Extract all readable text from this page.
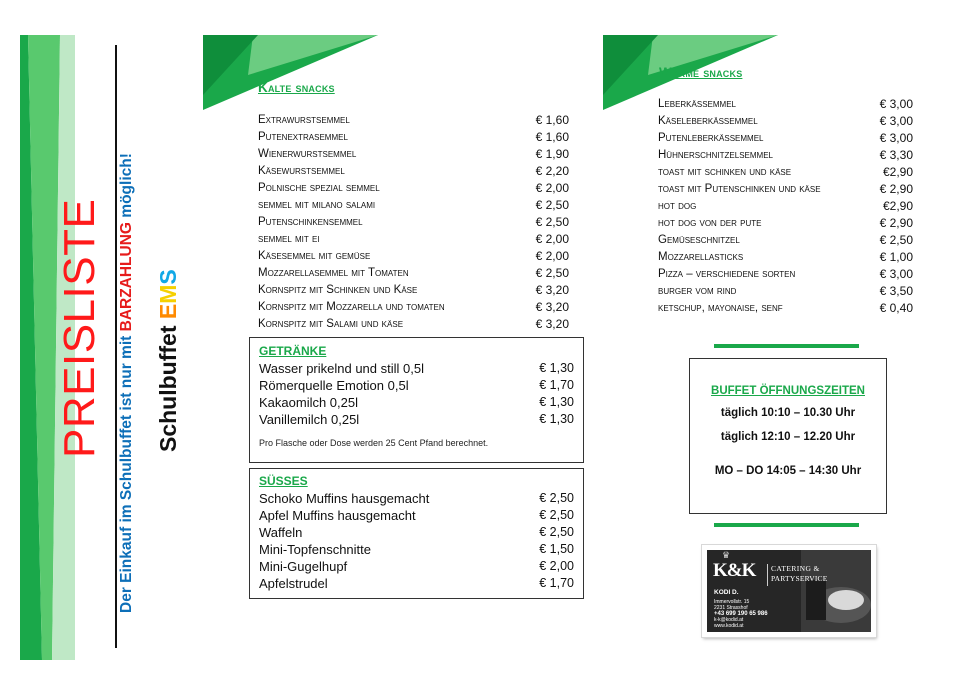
PREISLISTE
Der Einkauf im Schulbuffet ist nur mit BARZAHLUNG möglich!
Schulbuffet EMS
Kalte snacks
Extrawurstsemmel	€ 1,60
Putenextrasemmel	€ 1,60
Wienerwurstsemmel	€ 1,90
Käsewurstsemmel	€ 2,20
Polnische spezial semmel	€ 2,00
semmel mit milano salami	€ 2,50
Putenschinkensemmel	€ 2,50
semmel mit ei	€ 2,00
Käsesemmel mit gemüse	€ 2,00
Mozzarellasemmel mit Tomaten	€ 2,50
Kornspitz mit Schinken und Käse	€ 3,20
Kornspitz mit Mozzarella und tomaten	€ 3,20
Kornspitz mit Salami und käse	€ 3,20
GETRÄNKE
Wasser prikelnd und still 0,5l	€ 1,30
Römerquelle Emotion 0,5l	€ 1,70
Kakaomilch 0,25l	€ 1,30
Vanillemilch 0,25l	€ 1,30
Pro Flasche oder Dose werden 25 Cent Pfand berechnet.
SÜSSES
Schoko Muffins hausgemacht	€ 2,50
Apfel Muffins hausgemacht	€ 2,50
Waffeln	€ 2,50
Mini-Topfenschnitte	€ 1,50
Mini-Gugelhupf	€ 2,00
Apfelstrudel	€ 1,70
Warme snacks
Leberkässemmel	€ 3,00
Käseleberkässemmel	€ 3,00
Putenleberkässemmel	€ 3,00
Hühnerschnitzelsemmel	€ 3,30
toast mit schinken und käse	€2,90
toast mit Putenschinken und käse	€ 2,90
hot dog	€2,90
hot dog von der pute	€ 2,90
Gemüseschnitzel	€ 2,50
Mozzarellasticks	€ 1,00
Pizza – verschiedene sorten	€ 3,00
burger vom rind	€ 3,50
ketschup, mayonaise, senf	€ 0,40
BUFFET ÖFFNUNGSZEITEN
täglich 10:10 – 10.30 Uhr
täglich 12:10 – 12.20 Uhr
MO – DO 14:05 – 14:30 Uhr
♛
K&K CATERING &
PARTYSERVICE
KODI D.
Immervollstr. 15
2231 Strasshof
+43 699 190 65 986
k-k@kodid.at
www.kodid.at
